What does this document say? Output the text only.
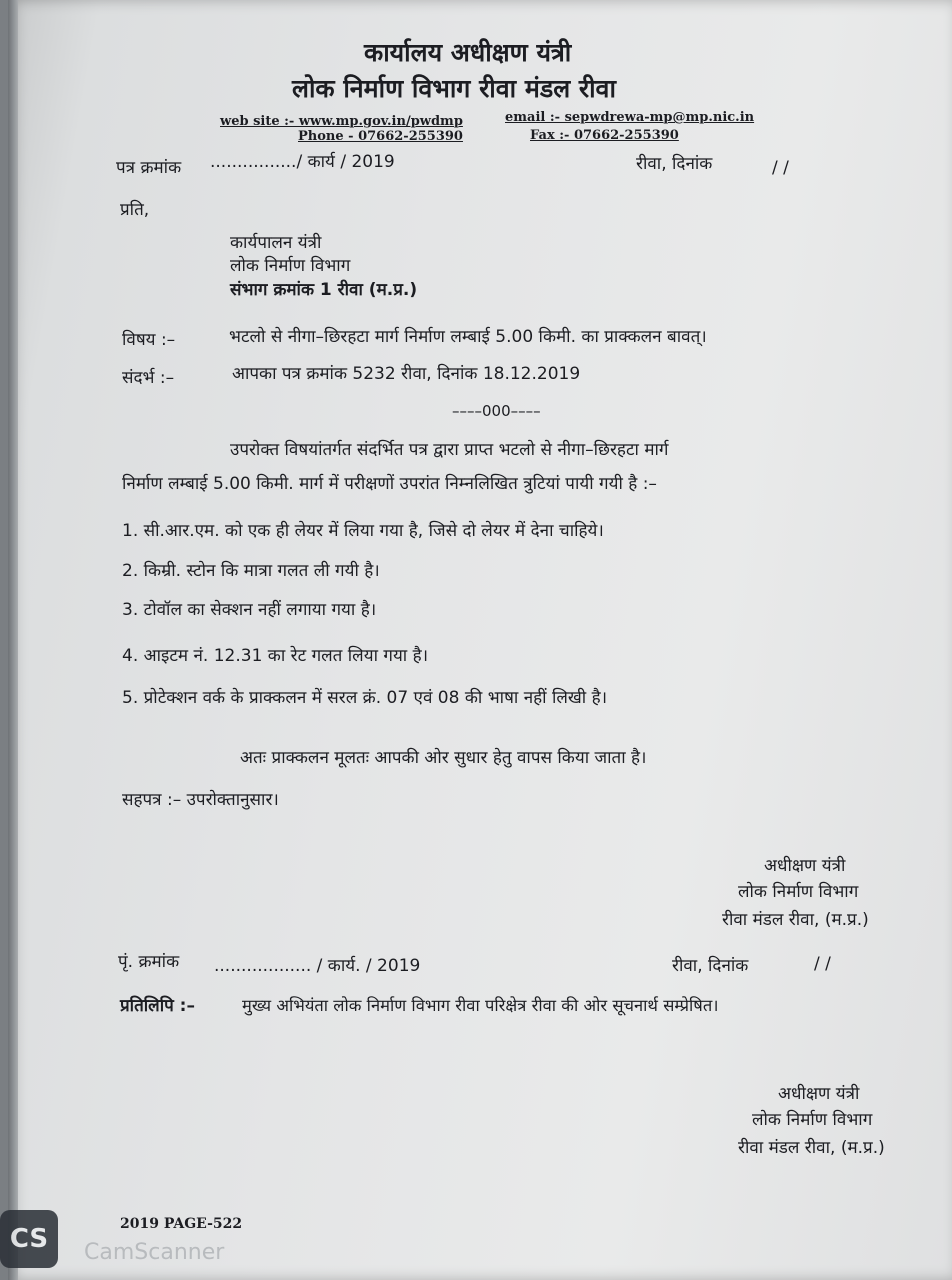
कार्यालय अधीक्षण यंत्री
लोक निर्माण विभाग रीवा मंडल रीवा
web site :- www.mp.gov.in/pwdmp
Phone - 07662-255390
email :- sepwdrewa-mp@mp.nic.in
Fax :- 07662-255390
पत्र क्रमांक ................/ कार्य / 2019	रीवा, दिनांक	/ /
प्रति,
कार्यपालन यंत्री
लोक निर्माण विभाग
संभाग क्रमांक 1 रीवा (म.प्र.)
विषय :–	भटलो से नीगा–छिरहटा मार्ग निर्माण लम्बाई 5.00 किमी. का प्राक्कलन बावत्।
संदर्भ :–	आपका पत्र क्रमांक 5232 रीवा, दिनांक 18.12.2019
––––000––––
उपरोक्त विषयांतर्गत संदर्भित पत्र द्वारा प्राप्त भटलो से नीगा–छिरहटा मार्ग
निर्माण लम्बाई 5.00 किमी. मार्ग में परीक्षणों उपरांत निम्नलिखित त्रुटियां पायी गयी है :–
1. सी.आर.एम. को एक ही लेयर में लिया गया है, जिसे दो लेयर में देना चाहिये।
2. किम्री. स्टोन कि मात्रा गलत ली गयी है।
3. टोवॉल का सेक्शन नहीं लगाया गया है।
4. आइटम नं. 12.31 का रेट गलत लिया गया है।
5. प्रोटेक्शन वर्क के प्राक्कलन में सरल क्रं. 07 एवं 08 की भाषा नहीं लिखी है।
अतः प्राक्कलन मूलतः आपकी ओर सुधार हेतु वापस किया जाता है।
सहपत्र :– उपरोक्तानुसार।
अधीक्षण यंत्री
लोक निर्माण विभाग
रीवा मंडल रीवा, (म.प्र.)
पृं. क्रमांक .................. / कार्य. / 2019	रीवा, दिनांक	/ /
प्रतिलिपि :–	मुख्य अभियंता लोक निर्माण विभाग रीवा परिक्षेत्र रीवा की ओर सूचनार्थ सम्प्रेषित।
अधीक्षण यंत्री
लोक निर्माण विभाग
रीवा मंडल रीवा, (म.प्र.)
2019 PAGE-522
CS	CamScanner
